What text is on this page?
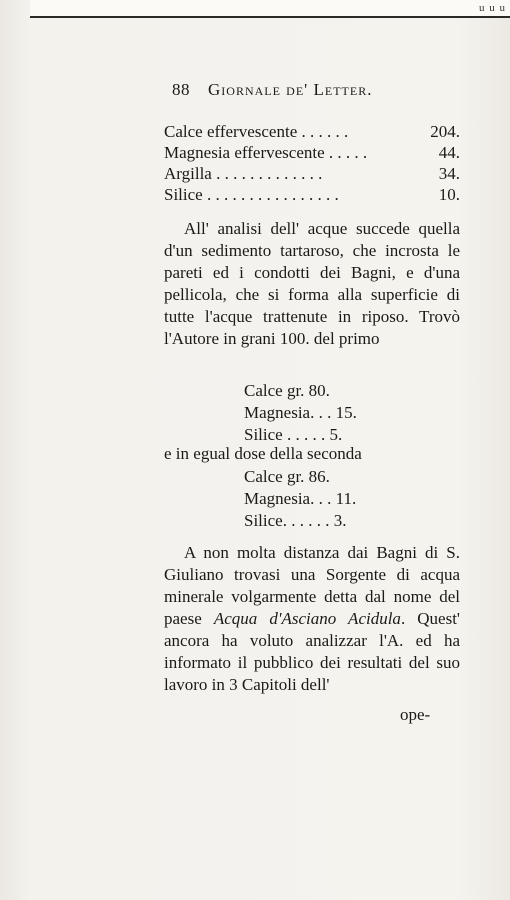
u u u
88 Giornale de' Letter.
Calce effervescente . . . . . .	204.
Magnesia effervescente . . . . .	44.
Argilla . . . . . . . . . . . . .	34.
Silice . . . . . . . . . . . . . . . .	10.

All' analisi dell' acque succede quella d'un sedimento tartaroso, che incrosta le pareti ed i condotti dei Bagni, e d'una pellicola, che si forma alla superficie di tutte l'acque trattenute in riposo. Trovò l'Autore in grani 100. del primo

Calce gr. 80.
Magnesia. . . 15.
Silice . . . . . 5.
e in egual dose della seconda
Calce gr. 86.
Magnesia. . . 11.
Silice. . . . . . 3.

A non molta distanza dai Bagni di S. Giuliano trovasi una Sorgente di acqua minerale volgarmente detta dal nome del paese Acqua d'Asciano Acidula. Quest' ancora ha voluto analizzar l'A. ed ha informato il pubblico dei resultati del suo lavoro in 3 Capitoli dell'

ope-
